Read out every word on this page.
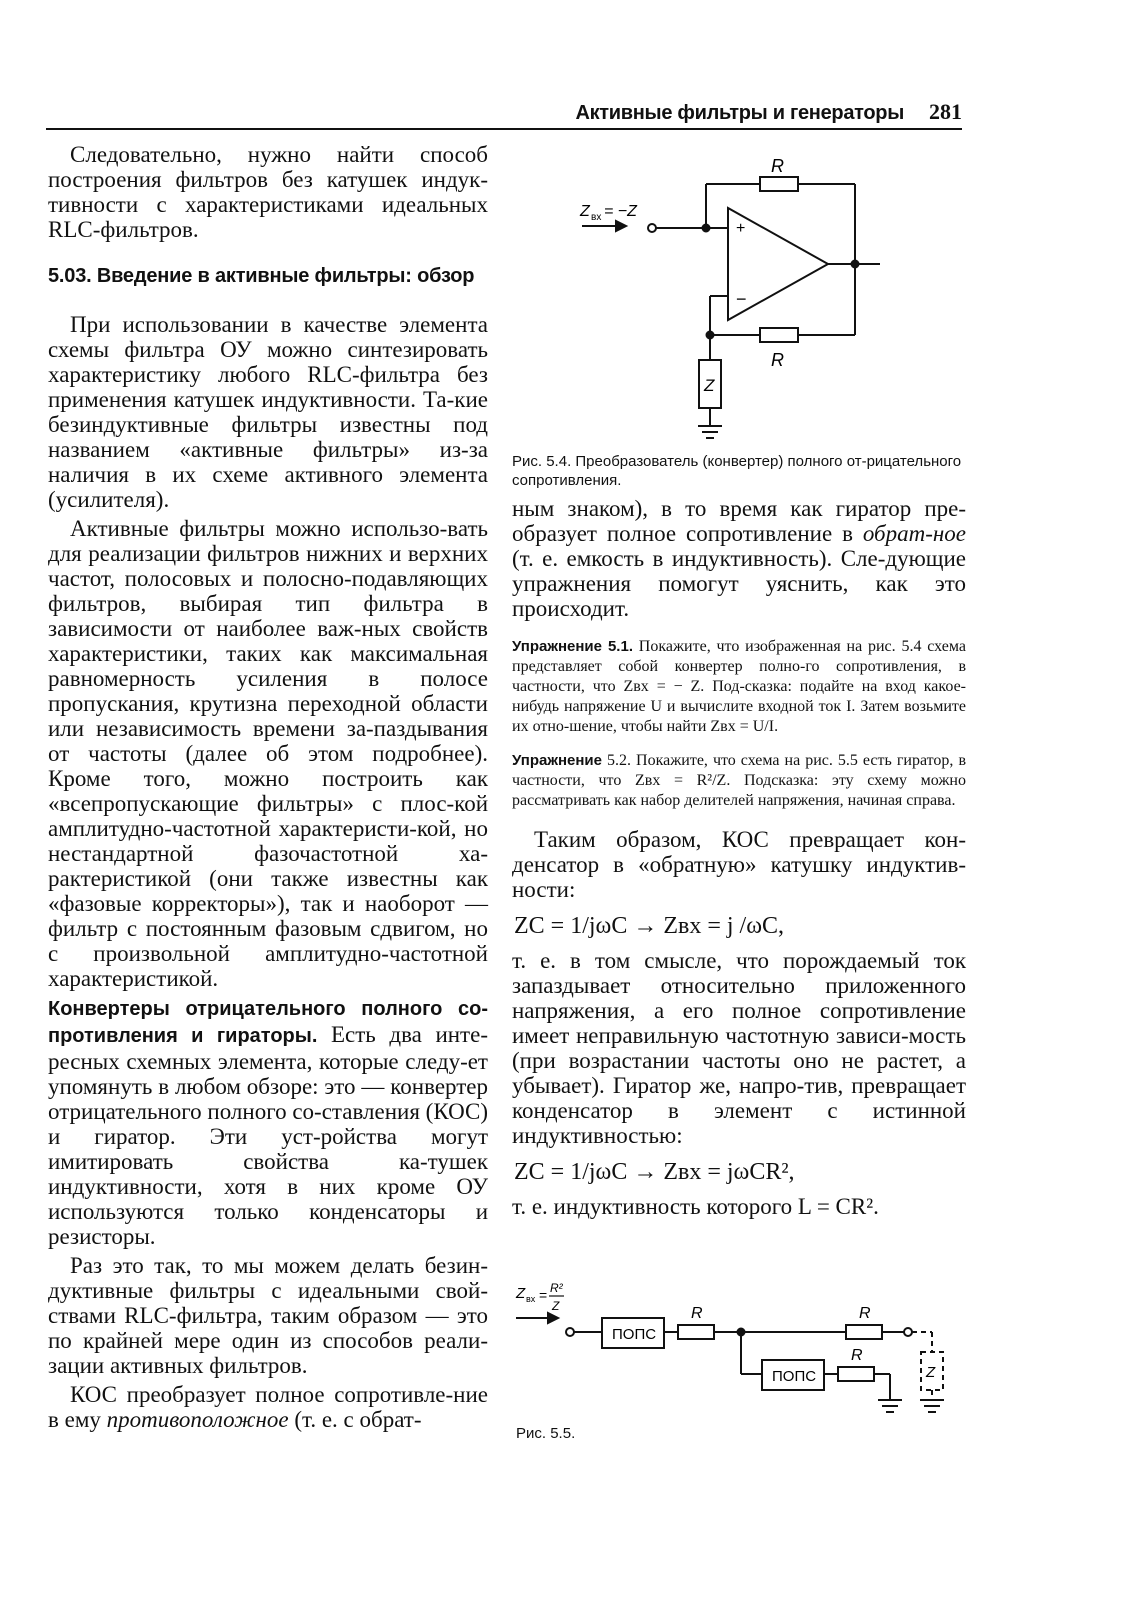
Активные фильтры и генераторы 281

Следовательно, нужно найти способ построения фильтров без катушек индук-тивности с характеристиками идеальных RLC-фильтров.

5.03. Введение в активные фильтры: обзор

При использовании в качестве элемента схемы фильтра ОУ можно синтезировать характеристику любого RLC-фильтра без применения катушек индуктивности. Та-кие безиндуктивные фильтры известны под названием «активные фильтры» из-за наличия в их схеме активного элемента (усилителя).

Активные фильтры можно использо-вать для реализации фильтров нижних и верхних частот, полосовых и полосно-подавляющих фильтров, выбирая тип фильтра в зависимости от наиболее важ-ных свойств характеристики, таких как максимальная равномерность усиления в полосе пропускания, крутизна переходной области или независимость времени за-паздывания от частоты (далее об этом подробнее). Кроме того, можно построить как «всепропускающие фильтры» с плос-кой амплитудно-частотной характеристи-кой, но нестандартной фазочастотной ха-рактеристикой (они также известны как «фазовые корректоры»), так и наоборот — фильтр с постоянным фазовым сдвигом, но с произвольной амплитудно-частотной характеристикой.

Конвертеры отрицательного полного со-противления и гираторы. Есть два инте-ресных схемных элемента, которые следу-ет упомянуть в любом обзоре: это — конвертер отрицательного полного со-ставления (КОС) и гиратор. Эти уст-ройства могут имитировать свойства ка-тушек индуктивности, хотя в них кроме ОУ используются только конденсаторы и резисторы.

Раз это так, то мы можем делать безин-дуктивные фильтры с идеальными свой-ствами RLC-фильтра, таким образом — это по крайней мере один из способов реали-зации активных фильтров.

КОС преобразует полное сопротивле-ние в ему противоположное (т. е. с обрат-

+
−
R
R
Z
Z вх = −Z

Рис. 5.4. Преобразователь (конвертер) полного от-рицательного сопротивления.

ным знаком), в то время как гиратор пре-образует полное сопротивление в обрат-ное (т. е. емкость в индуктивность). Сле-дующие упражнения помогут уяснить, как это происходит.

Упражнение 5.1. Покажите, что изображенная на рис. 5.4 схема представляет собой конвертер полно-го сопротивления, в частности, что Zвх = − Z. Под-сказка: подайте на вход какое-нибудь напряжение U и вычислите входной ток I. Затем возьмите их отно-шение, чтобы найти Zвх = U/I.

Упражнение 5.2. Покажите, что схема на рис. 5.5 есть гиратор, в частности, что Zвх = R²/Z. Подсказка: эту схему можно рассматривать как набор делителей напряжения, начиная справа.

Таким образом, КОС превращает кон-денсатор в «обратную» катушку индуктив-ности:

ZC = 1/jωC → Zвх = j /ωC,

т. е. в том смысле, что порождаемый ток запаздывает относительно приложенного напряжения, а его полное сопротивление имеет неправильную частотную зависи-мость (при возрастании частоты оно не растет, а убывает). Гиратор же, напро-тив, превращает конденсатор в элемент с истинной индуктивностью:

ZC = 1/jωC → Zвх = jωCR²,

т. е. индуктивность которого L = CR².

ПОПС
ПОПС
R	R
R
Z
Z вх = R²
Z

Рис. 5.5.
